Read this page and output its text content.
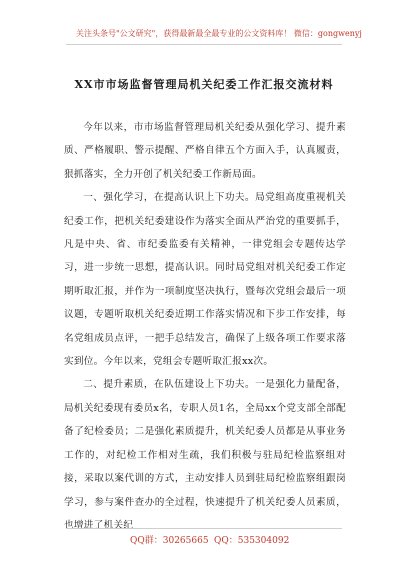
关注头条号"公文研究"，获得最新最全最专业的公文资料库！ 微信：gongwenyj
XX市市场监督管理局机关纪委工作汇报交流材料

今年以来，市市场监督管理局机关纪委从强化学习、提升素质、严格履职、警示提醒、严格自律五个方面入手，认真履责，狠抓落实，全力开创了机关纪委工作新局面。

一、强化学习，在提高认识上下功夫。局党组高度重视机关纪委工作，把机关纪委建设作为落实全面从严治党的重要抓手，凡是中央、省、市纪委监委有关精神，一律党组会专题传达学习，进一步统一思想，提高认识。同时局党组对机关纪委工作定期听取汇报，并作为一项制度坚决执行，暨每次党组会最后一项议题，专题听取机关纪委近期工作落实情况和下步工作安排，每名党组成员点评，一把手总结发言，确保了上级各项工作要求落实到位。今年以来，党组会专题听取汇报xx次。

二、提升素质，在队伍建设上下功夫。一是强化力量配备，局机关纪委现有委员x名，专职人员1名，全局xx个党支部全部配备了纪检委员；二是强化素质提升，机关纪委人员都是从事业务工作的，对纪检工作相对生疏，我们积极与驻局纪检监察组对接，采取以案代训的方式，主动安排人员到驻局纪检监察组跟岗学习，参与案件查办的全过程，快速提升了机关纪委人员素质，也增进了机关纪

QQ群：30265665 QQ：535304092
